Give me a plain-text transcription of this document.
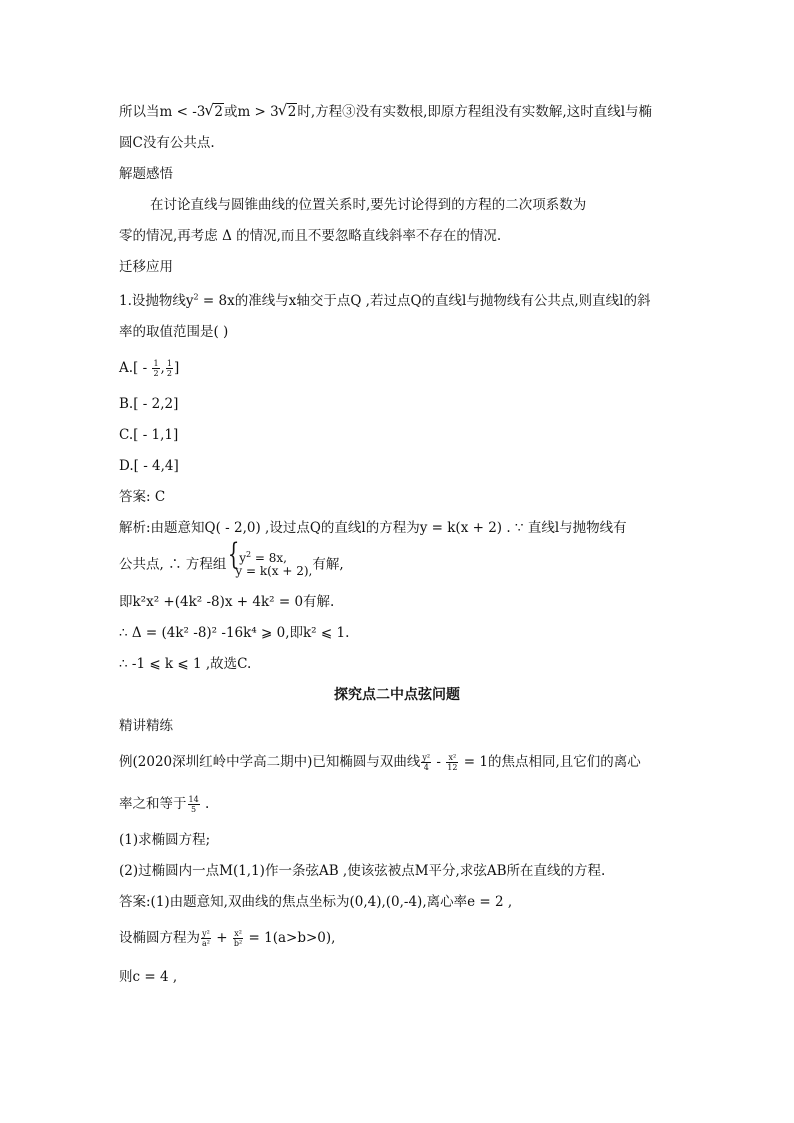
所以当m < -3 √ 2或m > 3 √ 2时,方程③没有实数根,即原方程组没有实数解,这时直线l与椭
圆C没有公共点.
解题感悟
在讨论直线与圆锥曲线的位置关系时,要先讨论得到的方程的二次项系数为
零的情况,再考虑 Δ 的情况,而且不要忽略直线斜率不存在的情况.
迁移应用
1.设抛物线$y^2 = 8x$的准线与x轴交于点Q ,若过点Q的直线l与抛物线有公共点,则直线l的斜
率的取值范围是( )
$A.[ - \frac{1}{2}$ , $\frac{1}{2}$ ]
B.[ - 2,2]
C.[ - 1,1]
D.[ - 4,4]
答案: C
解析:由题意知Q( - 2,0) ,设过点Q的直线l的方程为y = k(x + 2) . ∵ 直线l与抛物线有
公共点, ∴ 方程组	{ $y^2 = 8x$,
y = k(x + 2), 有解,
即k²x² +(4k² -8)x + 4k² = 0有解.
∴ Δ = (4k² -8)² -16k⁴ ⩾ 0,即k² ⩽ 1.
∴ -1 ⩽ k ⩽ 1 ,故选C.
探究点二中点弦问题
精讲精练
例(2020深圳红岭中学高二期中)已知椭圆与双曲线 $\frac{\text{y²}}{4} - \frac{\text{x²}}{12} = 1$的焦点相同,且它们的离心
率之和等于 $\frac{14}{5}$ .
(1)求椭圆方程;
(2)过椭圆内一点M(1,1)作一条弦AB ,使该弦被点M平分,求弦AB所在直线的方程.
答案:(1)由题意知,双曲线的焦点坐标为(0,4),(0,-4),离心率e = 2 ,
设椭圆方程为 $\frac{\text{y²}}{\text{a²}} + \frac{\text{x²}}{\text{b²}} = 1(a>b>0)$,
则c = 4 ,
